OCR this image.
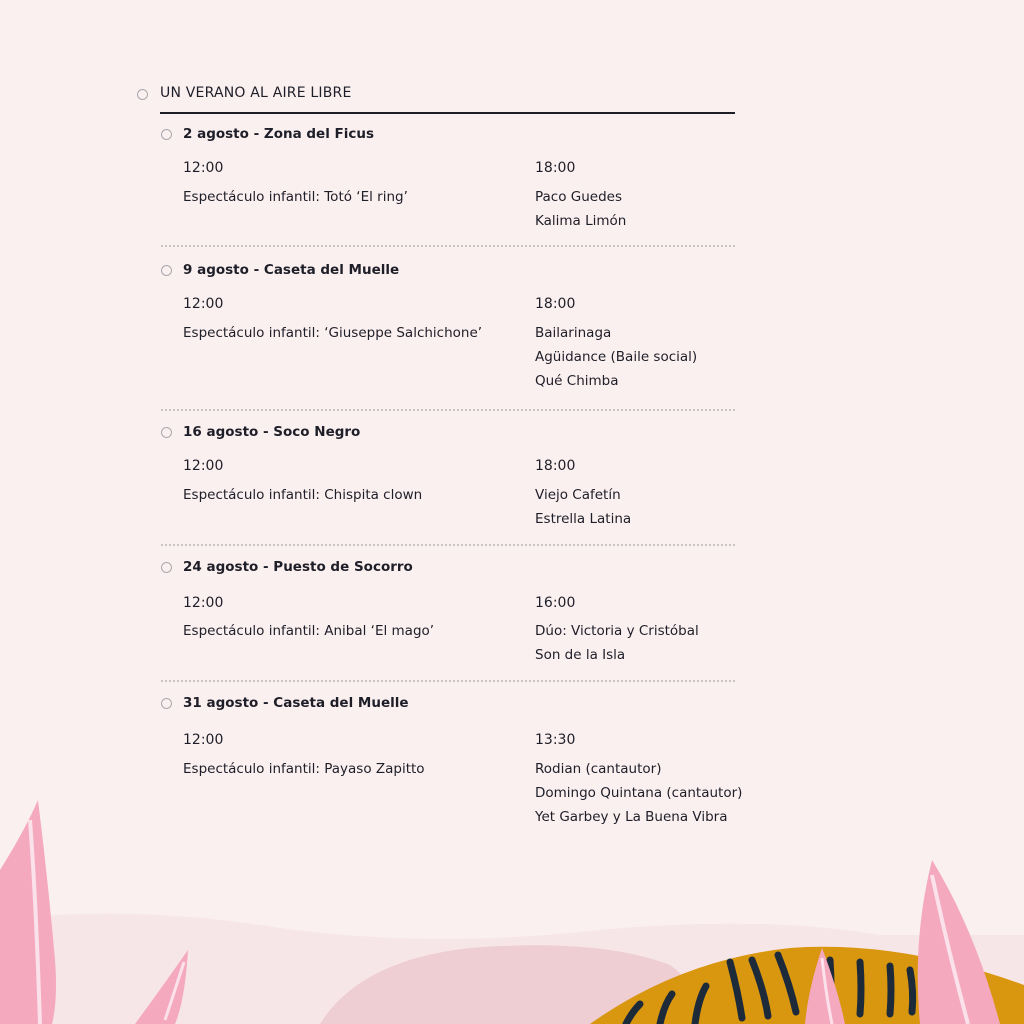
UN VERANO AL AIRE LIBRE
2 agosto - Zona del Ficus
12:00	18:00
Espectáculo infantil: Totó ‘El ring’	Paco Guedes
Kalima Limón
9 agosto - Caseta del Muelle
12:00	18:00
Espectáculo infantil: ‘Giuseppe Salchichone’	Bailarinaga
Agüidance (Baile social)
Qué Chimba
16 agosto - Soco Negro
12:00	18:00
Espectáculo infantil: Chispita clown	Viejo Cafetín
Estrella Latina
24 agosto - Puesto de Socorro
12:00	16:00
Espectáculo infantil: Anibal ‘El mago’	Dúo: Victoria y Cristóbal
Son de la Isla
31 agosto - Caseta del Muelle
12:00	13:30
Espectáculo infantil: Payaso Zapitto	Rodian (cantautor)
Domingo Quintana (cantautor)
Yet Garbey y La Buena Vibra
